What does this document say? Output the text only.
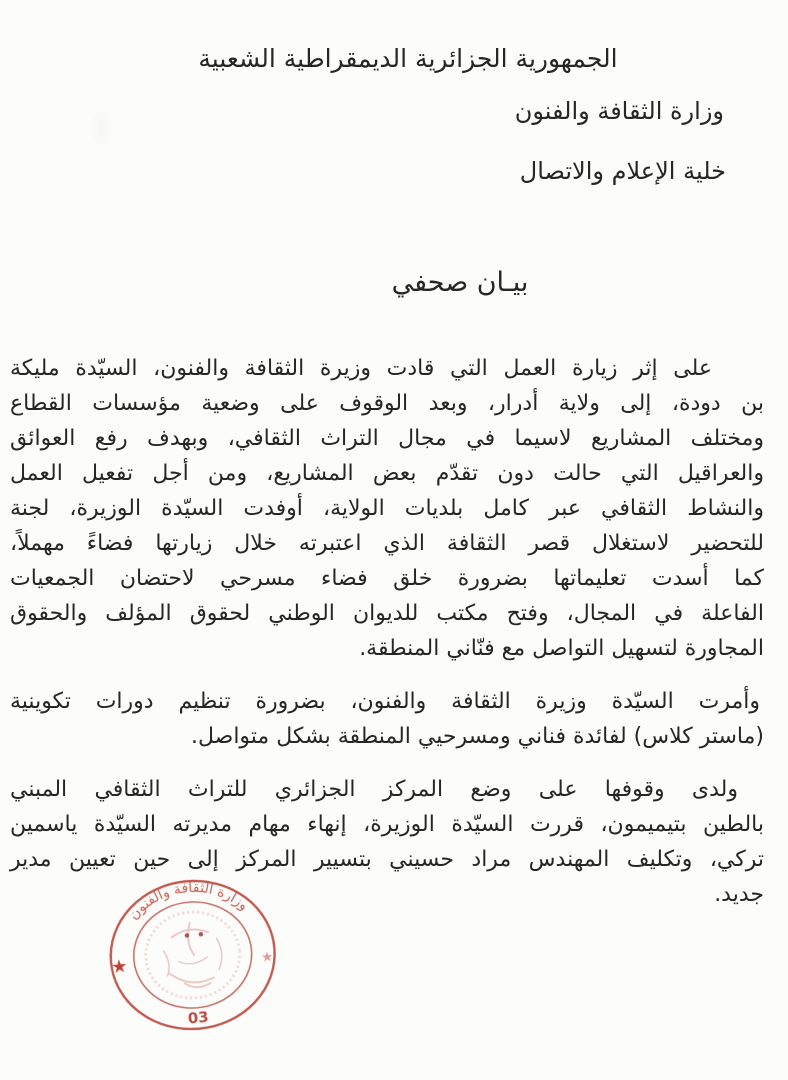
الجمهورية الجزائرية الديمقراطية الشعبية
وزارة الثقافة والفنون
خلية الإعلام والاتصال
بيـان صحفي
على إثر زيارة العمل التي قادت وزيرة الثقافة والفنون، السيّدة مليكة
بن دودة، إلى ولاية أدرار، وبعد الوقوف على وضعية مؤسسات القطاع
ومختلف المشاريع لاسيما في مجال التراث الثقافي، وبهدف رفع العوائق
والعراقيل التي حالت دون تقدّم بعض المشاريع، ومن أجل تفعيل العمل
والنشاط الثقافي عبر كامل بلديات الولاية، أوفدت السيّدة الوزيرة، لجنة
للتحضير لاستغلال قصر الثقافة الذي اعتبرته خلال زيارتها فضاءً مهملاً،
كما أسدت تعليماتها بضرورة خلق فضاء مسرحي لاحتضان الجمعيات
الفاعلة في المجال، وفتح مكتب للديوان الوطني لحقوق المؤلف والحقوق
المجاورة لتسهيل التواصل مع فنّاني المنطقة.
وأمرت السيّدة وزيرة الثقافة والفنون، بضرورة تنظيم دورات تكوينية
(ماستر كلاس) لفائدة فناني ومسرحيي المنطقة بشكل متواصل.
ولدى وقوفها على وضع المركز الجزائري للتراث الثقافي المبني
بالطين بتيميمون، قررت السيّدة الوزيرة، إنهاء مهام مديرته السيّدة ياسمين
تركي، وتكليف المهندس مراد حسيني بتسيير المركز إلى حين تعيين مدير
جديد.
وزارة الثقافة والفنون
★	★
03
